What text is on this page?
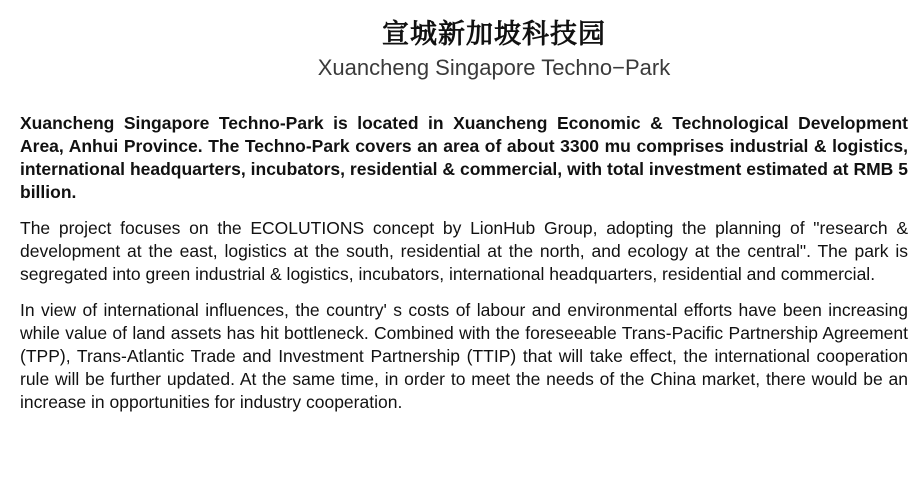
宣城新加坡科技园
Xuancheng Singapore Techno−Park

Xuancheng Singapore Techno-Park is located in Xuancheng Economic & Technological Development Area, Anhui Province. The Techno-Park covers an area of about 3300 mu comprises industrial & logistics, international headquarters, incubators, residential & commercial, with total investment estimated at RMB 5 billion.

The project focuses on the ECOLUTIONS concept by LionHub Group, adopting the planning of "research & development at the east, logistics at the south, residential at the north, and ecology at the central". The park is segregated into green industrial & logistics, incubators, international headquarters, residential and commercial.

In view of international influences, the country' s costs of labour and environmental efforts have been increasing while value of land assets has hit bottleneck. Combined with the foreseeable Trans-Pacific Partnership Agreement (TPP), Trans-Atlantic Trade and Investment Partnership (TTIP) that will take effect, the international cooperation rule will be further updated. At the same time, in order to meet the needs of the China market, there would be an increase in opportunities for industry cooperation.
